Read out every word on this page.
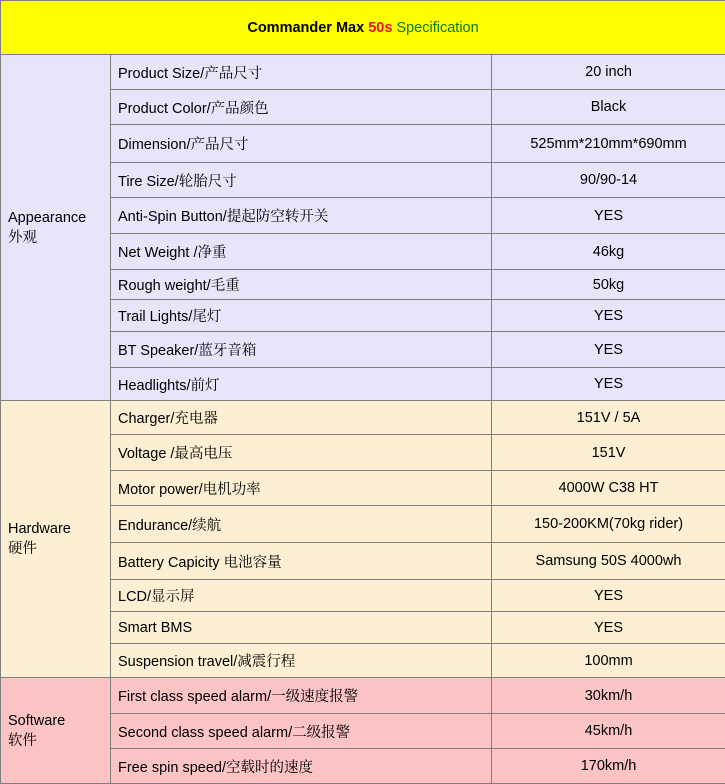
Commander Max 50s Specification		
Appearance
外观	Product Size/产品尺寸	20 inch
	Product Color/产品颜色	Black
	Dimension/产品尺寸	525mm*210mm*690mm
	Tire Size/轮胎尺寸	90/90-14
	Anti-Spin Button/提起防空转开关	YES
	Net Weight /净重	46kg
	Rough weight/毛重	50kg
	Trail Lights/尾灯	YES
	BT Speaker/蓝牙音箱	YES
	Headlights/前灯	YES
Hardware
硬件	Charger/充电器	151V / 5A
	Voltage /最高电压	151V
	Motor power/电机功率	4000W C38 HT
	Endurance/续航	150-200KM(70kg rider)
	Battery Capicity 电池容量	Samsung 50S 4000wh
	LCD/显示屏	YES
	Smart BMS	YES
	Suspension travel/减震行程	100mm
Software
软件	First class speed alarm/一级速度报警	30km/h
	Second class speed alarm/二级报警	45km/h
	Free spin speed/空载时的速度	170km/h
